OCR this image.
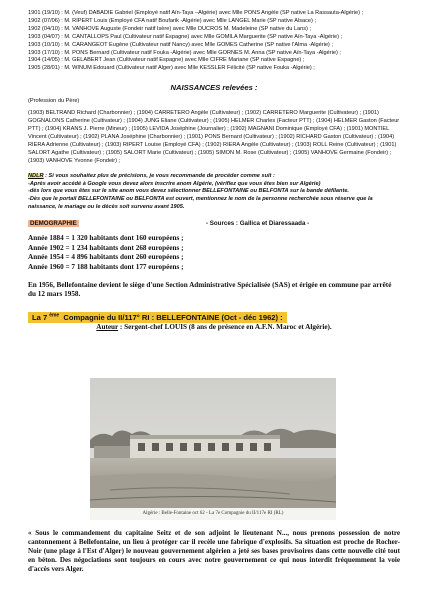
1901 (19/10) : M. (Veuf) DABADIE Gabriel (Employé natif Aïn-Taya –Algérie) avec Mlle PONS Angèle (SP native La Rassauta-Algérie) ;
1902 (07/06) : M. RIPERT Louis (Employé CFA natif Boufarik -Algérie) avec Mlle LANGEL Marie (SP native Alsace) ;
1902 (04/10) : M. VANHOVE Auguste (Fondeir natif Isère) avec Mlle DUCROS M. Madeleine (SP native du Lans) ;
1903 (04/07) : M. CANTALLOPS Paul (Cultivateur natif Espagne) avec Mlle GOMILA Marguerite (SP native Aïn-Taya -Algérie) ;
1903 (10/10) : M. CARANGEOT Eugène (Cultivateur natif Nancy) avec Mlle GOMES Catherine (SP native l'Alma -Algérie) ;
1903 (17/10) : M. PONS Bernard (Cultivateur natif Fouka -Algérie) avec Mlle GORNES M. Anna (SP native Aïn-Taya -Algérie) ;
1904 (14/05) : M. GELABERT Jean (Cultivateur natif Espagne) avec Mlle CIFRE Mariane (SP native Espagne) ;
1905 (28/01) : M. WINUM Edouard (Cultivateur natif Alger) avec Mlle KESSLER Félicité (SP native Fouka -Algérie) ;
NAISSANCES relevées :
(Profession du Père)
(1903) BELTRAND Richard (Charbonnier) ; (1904) CARRETERO Angèle (Cultivateur) ; (1902) CARRETERO Marguerite (Cultivateur) ; (1901) GOGNALONS Catherine (Cultivateur) ; (1904) JUNG Eliane (Cultivateur) ; (1905) HELMER Charles (Facteur PTT) ; (1904) HELMER Gaston (Facteur PTT) ; (1904) KRANS J. Pierre (Mineur) ; (1905) LEVIDA Joséphine (Journalier) ; (1902) MAGNANI Dominique (Employé CFA) ; (1901) MONTIEL Vincent (Cultivateur) ; (1902) PLANA Joséphine (Charbonnier) ; (1901) PONS Bernard (Cultivateur) ; (1902) RICHARD Gaston (Cultivateur) ; (1904) RIERA Adrienne (Cultivateur) ; (1903) RIPERT Louise (Employé CFA) ; (1902) RIERA Angèle (Cultivateur) ; (1903) ROLL Reine (Cultivateur) ; (1901) SALORT Agathe (Cultivateur) ; (1905) SALORT Marie (Cultivateur) ; (1905) SIMON M. Rose (Cultivateur) ; (1905) VANHOVE Germaine (Fondeir) ; (1903) VANHOVE Yvonne (Fondeir) ;
NDLR : Si vous souhaitez plus de précisions, je vous recommande de procéder comme suit :
-Après avoir accédé à Google vous devez alors inscrire anom Algérie, (vérifiez que vous êtes bien sur Algérie)
-dès lors que vous êtes sur le site anom vous devez sélectionner BELLEFONTAINE ou BELFONTA sur la bande défilante.
-Dès que le portail BELLEFONTAINE ou BELFONTA est ouvert, mentionnez le nom de la personne recherchée sous réserve que la
naissance, le mariage ou le décès soit survenu avant 1905.
DEMOGRAPHIE	- Sources : Gallica et Diaressaada -
Année 1884 = 1 320 habitants dont 160 européens ;
Année 1902 = 1 234 habitants dont 268 européens ;
Année 1954 = 4 896 habitants dont 260 européens ;
Année 1960 = 7 188 habitants dont 177 européens ;
En 1956, Bellefontaine devient le siège d'une Section Administrative Spécialisée (SAS) et érigée en commune par arrêté du 12 mars 1958.
La 7 $^{ème}$ Compagnie du II/117° RI : BELLEFONTAINE (Oct - déc 1962) :
Auteur : Sergent-chef LOUIS (8 ans de présence en A.F.N. Maroc et Algérie).
Algérie : Belle-Fontaine oct 62 - La 7e Compagnie du II/117e RI (RL)
« Sous le commandement du capitaine Seitz et de son adjoint le lieutenant N..., nous prenons possession de notre cantonnement à Bellefontaine, un lieu à protéger car il recèle une fabrique d'explosifs. Sa situation est proche de Rocher-Noir (une plage à l'Est d'Alger) le nouveau gouvernement algérien a jeté ses bases provisoires dans cette nouvelle cité tout en béton. Des négociations sont toujours en cours avec notre gouvernement ce qui nous interdit fréquemment la voie d'accès vers Alger.
